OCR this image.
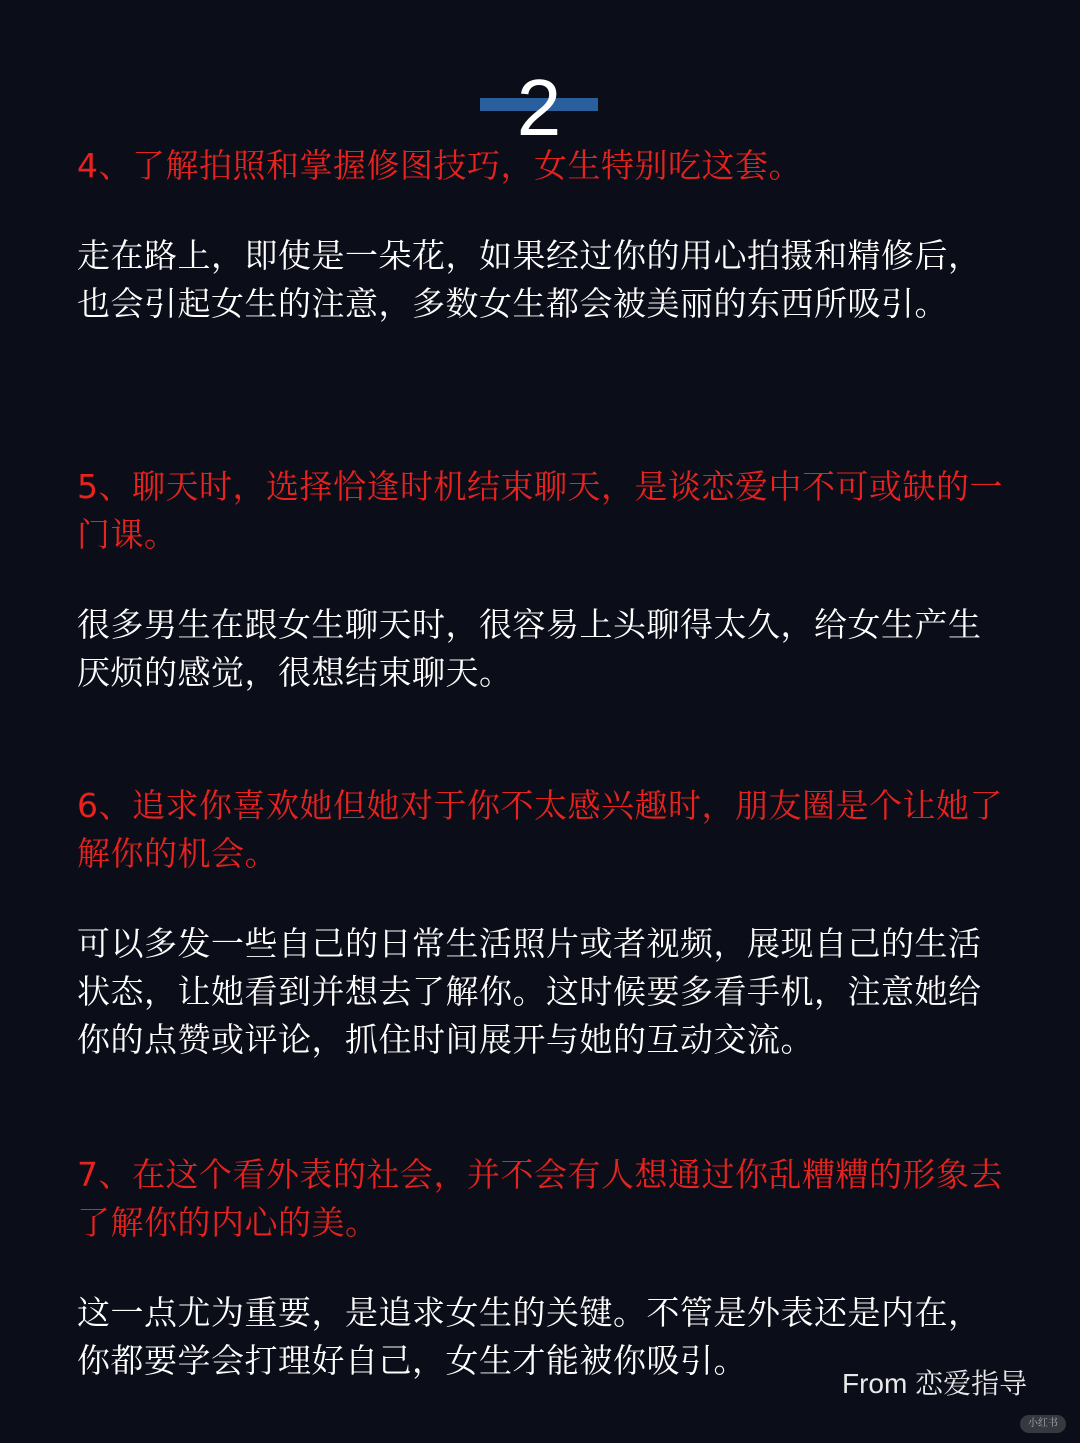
2

4、了解拍照和掌握修图技巧，女生特别吃这套。

走在路上，即使是一朵花，如果经过你的用心拍摄和精修后，也会引起女生的注意，多数女生都会被美丽的东西所吸引。

5、聊天时，选择恰逢时机结束聊天，是谈恋爱中不可或缺的一门课。

很多男生在跟女生聊天时，很容易上头聊得太久，给女生产生厌烦的感觉，很想结束聊天。

6、追求你喜欢她但她对于你不太感兴趣时，朋友圈是个让她了解你的机会。

可以多发一些自己的日常生活照片或者视频，展现自己的生活状态，让她看到并想去了解你。这时候要多看手机，注意她给你的点赞或评论，抓住时间展开与她的互动交流。

7、在这个看外表的社会，并不会有人想通过你乱糟糟的形象去了解你的内心的美。

这一点尤为重要，是追求女生的关键。不管是外表还是内在，你都要学会打理好自己，女生才能被你吸引。

From 恋爱指导
小红书
